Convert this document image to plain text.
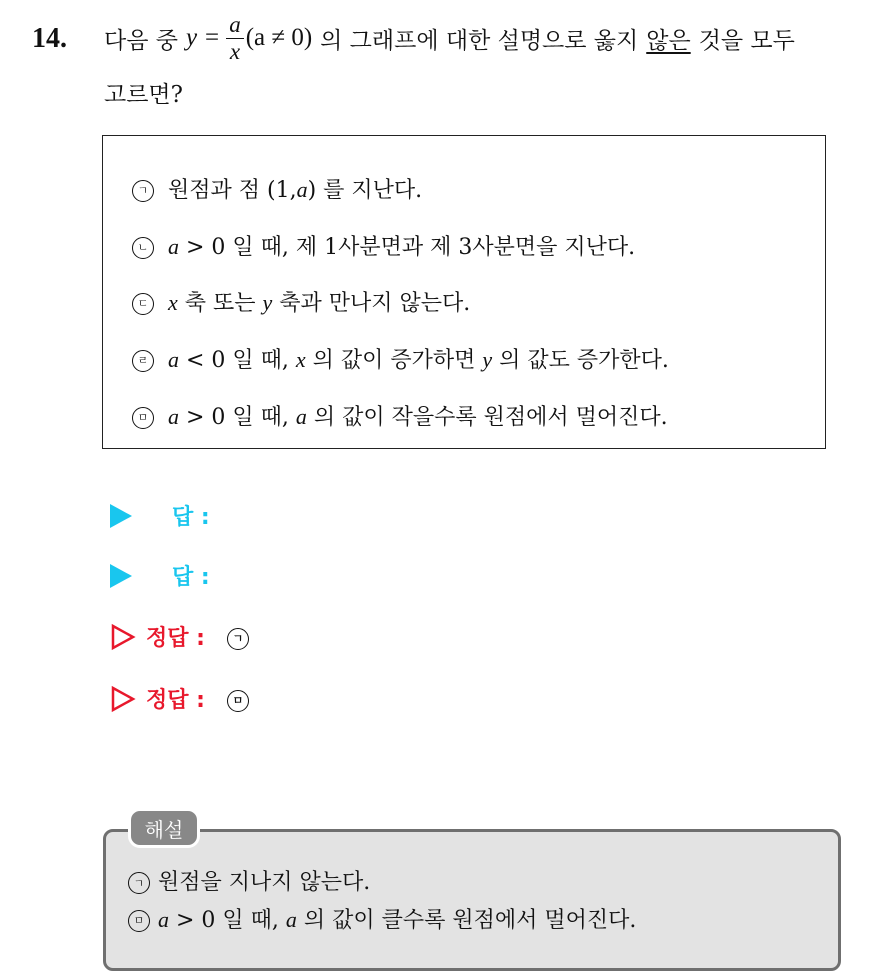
14. 다음 중 $y = \frac{a}{x} (a \ne 0)$ 의 그래프에 대한 설명으로 옳지 않은 것을 모두
고르면?
ㄱ 원점과 점 (1,a) 를 지난다.
ㄴ a > 0 일 때, 제 1사분면과 제 3사분면을 지난다.
ㄷ x 축 또는 y 축과 만나지 않는다.
ㄹ a < 0 일 때, x 의 값이 증가하면 y 의 값도 증가한다.
ㅁ a > 0 일 때, a 의 값이 작을수록 원점에서 멀어진다.
답 :
답 :
정답 :	ㄱ
정답 :	ㅁ
해설
ㄱ 원점을 지나지 않는다.
ㅁ a > 0 일 때, a 의 값이 클수록 원점에서 멀어진다.
